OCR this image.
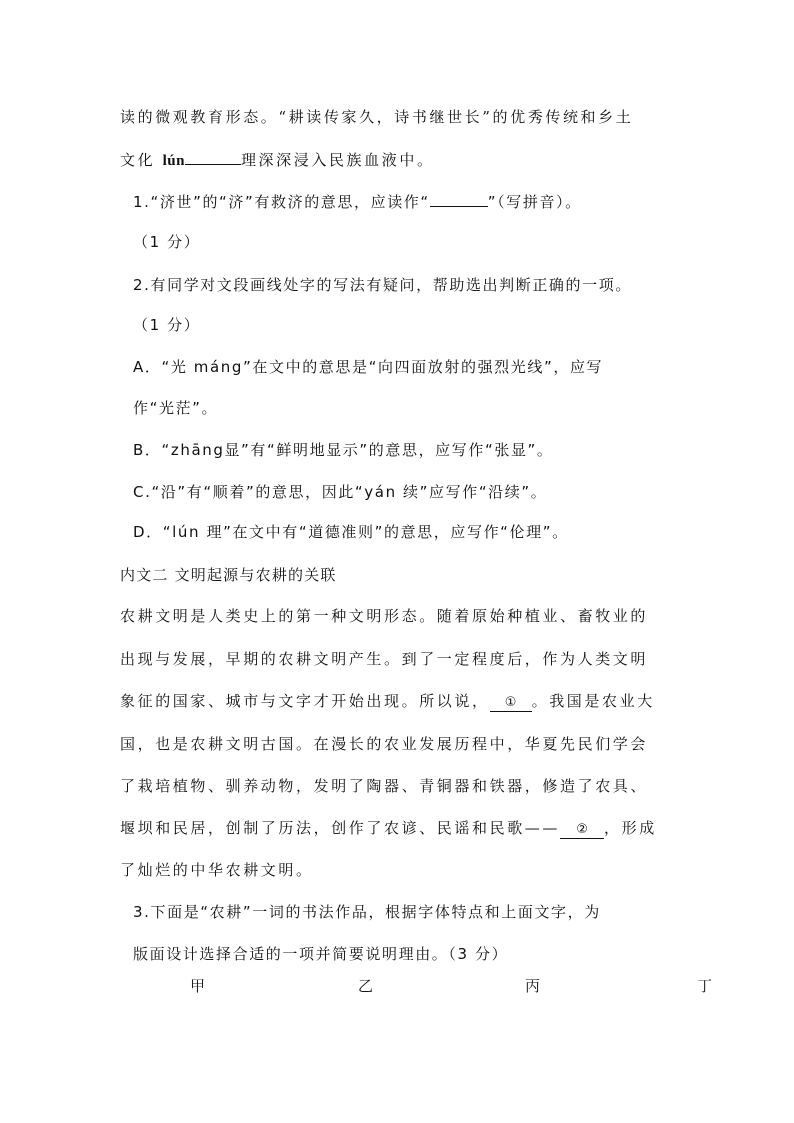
读的微观教育形态。“耕读传家久，诗书继世长”的优秀传统和乡土
文化 lún	理深深浸入民族血液中。
1.“济世”的“济”有救济的意思，应读作“	”（写拼音）。
（1 分）
2.有同学对文段画线处字的写法有疑问，帮助选出判断正确的一项。
（1 分）
A．“光 máng”在文中的意思是“向四面放射的强烈光线”，应写
作“光茫”。
B．“zhāng显”有“鲜明地显示”的意思，应写作“张显”。
C.“沿”有“顺着”的意思，因此“yán 续”应写作“沿续”。
D．“lún 理”在文中有“道德准则”的意思，应写作“伦理”。
内文二 文明起源与农耕的关联
农耕文明是人类史上的第一种文明形态。随着原始种植业、畜牧业的
出现与发展，早期的农耕文明产生。到了一定程度后，作为人类文明
象征的国家、城市与文字才开始出现。所以说， ① 。我国是农业大
国，也是农耕文明古国。在漫长的农业发展历程中，华夏先民们学会
了栽培植物、驯养动物，发明了陶器、青铜器和铁器，修造了农具、
堰坝和民居，创制了历法，创作了农谚、民谣和民歌—— ② ，形成
了灿烂的中华农耕文明。
3.下面是“农耕”一词的书法作品，根据字体特点和上面文字，为
版面设计选择合适的一项并简要说明理由。（3 分）
甲	乙	丙	丁
